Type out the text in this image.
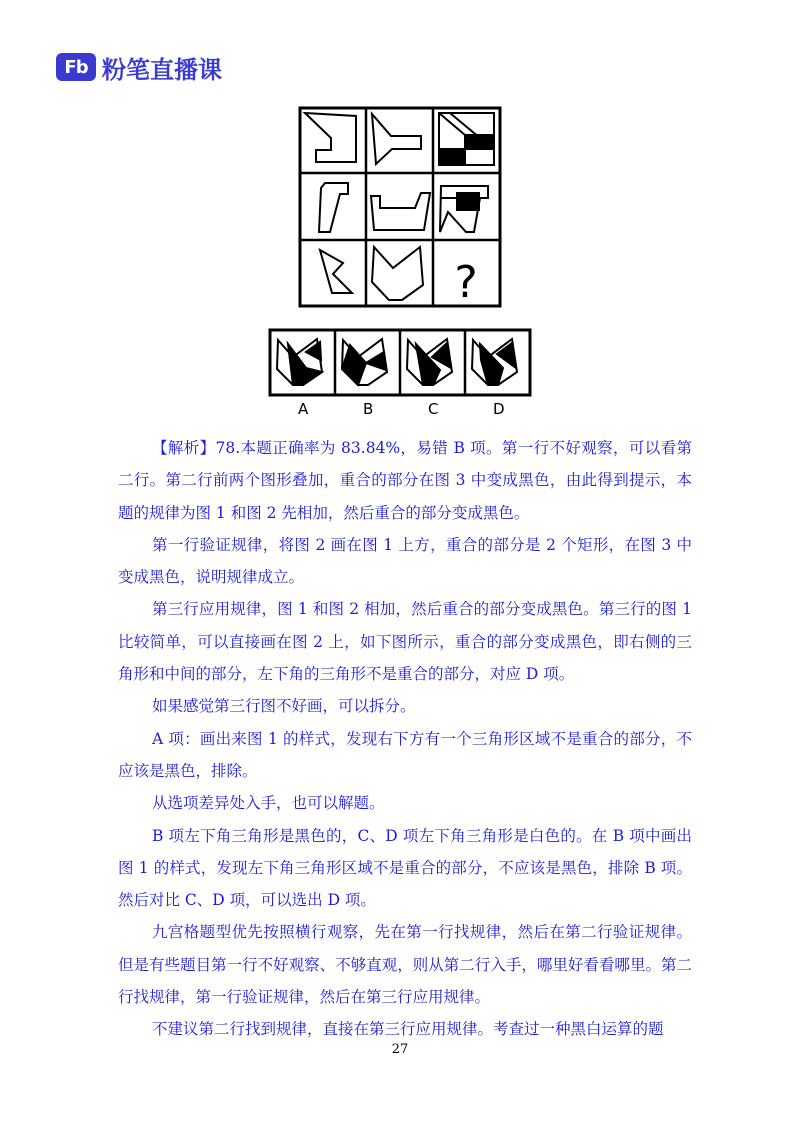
Fb 粉笔直播课
?
A	B	C	D

【解析】78.本题正确率为 83.84%，易错 B 项。第一行不好观察，可以看第二行。第二行前两个图形叠加，重合的部分在图 3 中变成黑色，由此得到提示，本题的规律为图 1 和图 2 先相加，然后重合的部分变成黑色。

第一行验证规律，将图 2 画在图 1 上方，重合的部分是 2 个矩形，在图 3 中变成黑色，说明规律成立。

第三行应用规律，图 1 和图 2 相加，然后重合的部分变成黑色。第三行的图 1 比较简单，可以直接画在图 2 上，如下图所示，重合的部分变成黑色，即右侧的三角形和中间的部分，左下角的三角形不是重合的部分，对应 D 项。

如果感觉第三行图不好画，可以拆分。

A 项：画出来图 1 的样式，发现右下方有一个三角形区域不是重合的部分，不应该是黑色，排除。

从选项差异处入手，也可以解题。

B 项左下角三角形是黑色的，C、D 项左下角三角形是白色的。在 B 项中画出图 1 的样式，发现左下角三角形区域不是重合的部分，不应该是黑色，排除 B 项。然后对比 C、D 项，可以选出 D 项。

九宫格题型优先按照横行观察，先在第一行找规律，然后在第二行验证规律。但是有些题目第一行不好观察、不够直观，则从第二行入手，哪里好看看哪里。第二行找规律，第一行验证规律，然后在第三行应用规律。

不建议第二行找到规律，直接在第三行应用规律。考查过一种黑白运算的题

27
